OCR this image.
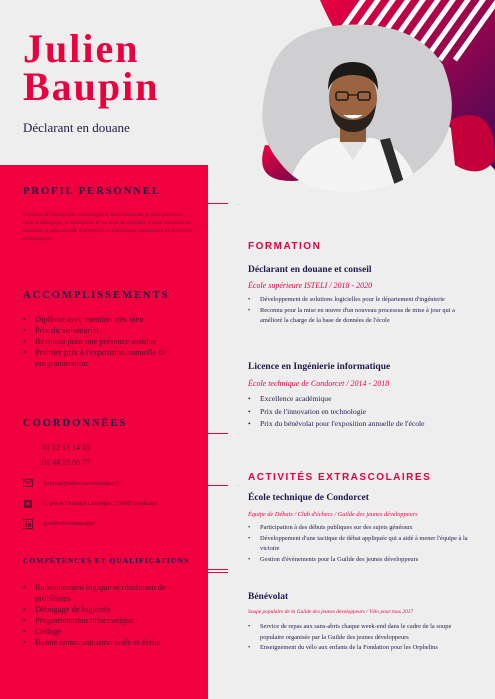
Julien
Baupin
Déclarant en douane
PROFIL PERSONNEL
Diplômé de l'Institut de technologie et d'informatique, je suis spécialisé dans le débogage, la conception et les tests de logiciels. J'aime travailler en équipe et je suis capable d'apprendre et d'appliquer rapidement de nouvelles technologies.
ACCOMPLISSEMENTS
• Diplômé avec mention très bien
• Prix du volontariat
• Reconnu pour une présence assidue
• Premier prix à l'exposition annuelle de programmation
COORDONNÉES
01 12 13 14 15
01 44 55 66 77
bonjour@sitevraimentsuper.fr
5, place Fernand Laferque, 33000 Bordeaux
@sitevraimentsuper
COMPÉTENCES ET QUALIFICATIONS
• Raisonnement logique et résolution de problèmes
• Débogage de logiciels
• Programmation informatique
• Codage
• Bonne communication orale et écrite
FORMATION
Déclarant en douane et conseil
École supérieure ISTELI / 2018 - 2020
• Développement de solutions logicielles pour le département d'ingénierie
• Reconnu pour la mise en œuvre d'un nouveau processus de mise à jour qui a amélioré la charge de la base de données de l'école
Licence en Ingénierie informatique
École technique de Condorcet / 2014 - 2018
• Excellence académique
• Prix de l'innovation en technologie
• Prix du bénévolat pour l'exposition annuelle de l'école
ACTIVITÉS EXTRASCOLAIRES
École technique de Condorcet
Équipe de Débats / Club d'échecs / Guilde des jeunes développeurs
• Participation à des débuts publiques sur des sujets généraux
• Développement d'une tactique de débat appliquée qui a aidé à mener l'équipe à la victoire
• Gestion d'évènements pour la Guilde des jeunes développeurs
Bénévolat
Soupe populaire de la Guilde des jeunes développeurs / Vélo pour tous 2017
• Service de repas aux sans-abris chaque week-end dans le cadre de la soupe populaire organisée par la Guilde des jeunes développeurs
• Enseignement du vélo aux enfants de la Fondation pour les Orphelins
